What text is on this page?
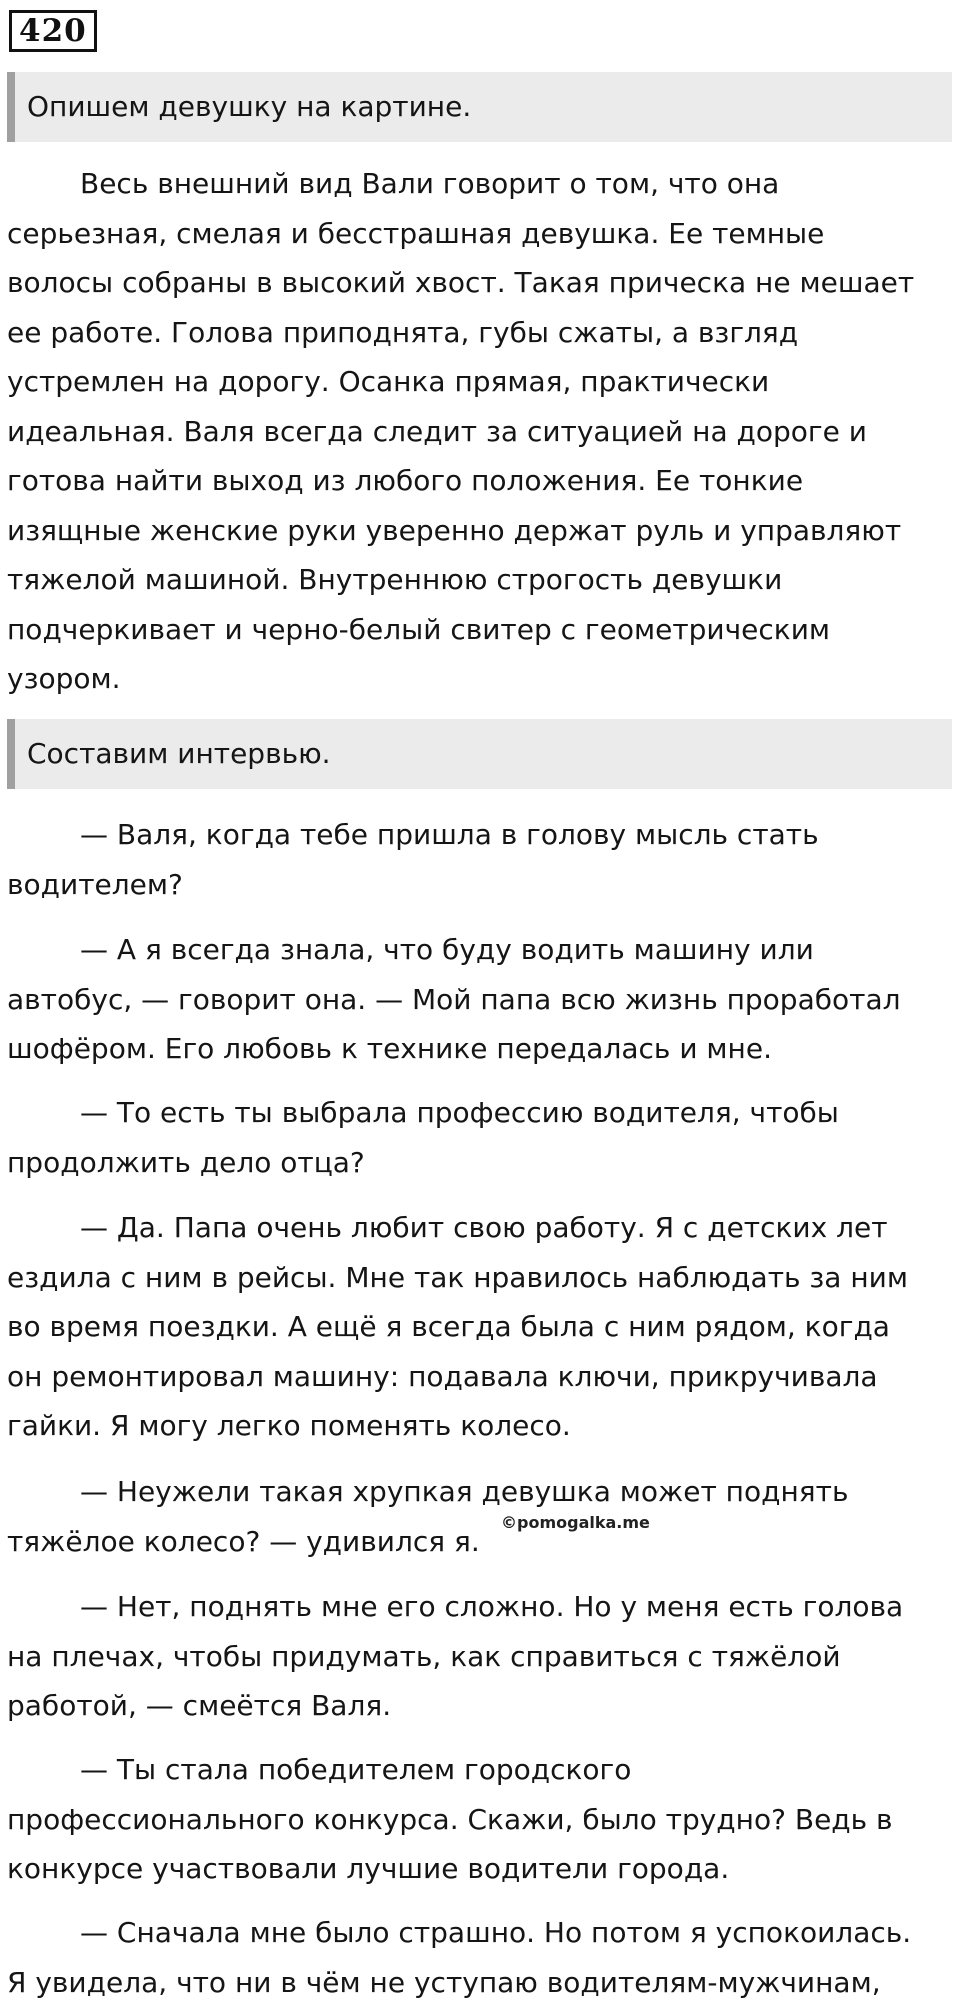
420
Опишем девушку на картине.
Весь внешний вид Вали говорит о том, что она
серьезная, смелая и бесстрашная девушка. Ее темные
волосы собраны в высокий хвост. Такая прическа не мешает
ее работе. Голова приподнята, губы сжаты, а взгляд
устремлен на дорогу. Осанка прямая, практически
идеальная. Валя всегда следит за ситуацией на дороге и
готова найти выход из любого положения. Ее тонкие
изящные женские руки уверенно держат руль и управляют
тяжелой машиной. Внутреннюю строгость девушки
подчеркивает и черно-белый свитер с геометрическим
узором.
Составим интервью.
— Валя, когда тебе пришла в голову мысль стать
водителем?
— А я всегда знала, что буду водить машину или
автобус, — говорит она. — Мой папа всю жизнь проработал
шофёром. Его любовь к технике передалась и мне.
— То есть ты выбрала профессию водителя, чтобы
продолжить дело отца?
— Да. Папа очень любит свою работу. Я с детских лет
ездила с ним в рейсы. Мне так нравилось наблюдать за ним
во время поездки. А ещё я всегда была с ним рядом, когда
он ремонтировал машину: подавала ключи, прикручивала
гайки. Я могу легко поменять колесо.
— Неужели такая хрупкая девушка может поднять
тяжёлое колесо? — удивился я.
©pomogalka.me
— Нет, поднять мне его сложно. Но у меня есть голова
на плечах, чтобы придумать, как справиться с тяжёлой
работой, — смеётся Валя.
— Ты стала победителем городского
профессионального конкурса. Скажи, было трудно? Ведь в
конкурсе участвовали лучшие водители города.
— Сначала мне было страшно. Но потом я успокоилась.
Я увидела, что ни в чём не уступаю водителям-мужчинам,
